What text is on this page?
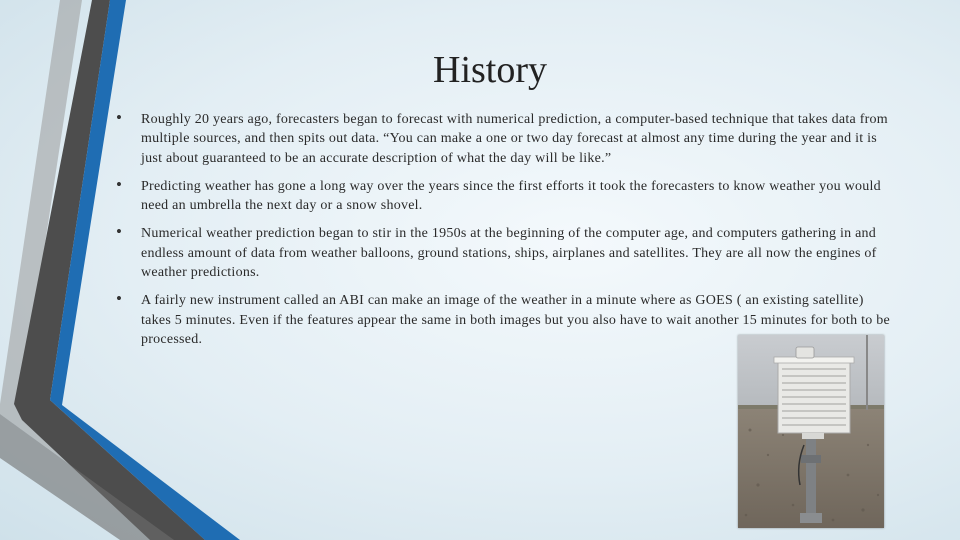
History
• Roughly 20 years ago, forecasters began to forecast with numerical prediction, a computer-based technique that takes data from multiple sources, and then spits out data. “You can make a one or two day forecast at almost any time during the year and it is just about guaranteed to be an accurate description of what the day will be like.”
• Predicting weather has gone a long way over the years since the first efforts it took the forecasters to know weather you would need an umbrella the next day or a snow shovel.
• Numerical weather prediction began to stir in the 1950s at the beginning of the computer age, and computers gathering in and endless amount of data from weather balloons, ground stations, ships, airplanes and satellites. They are all now the engines of weather predictions.
• A fairly new instrument called an ABI can make an image of the weather in a minute where as GOES ( an existing satellite) takes 5 minutes. Even if the features appear the same in both images but you also have to wait another 15 minutes for both to be processed.
